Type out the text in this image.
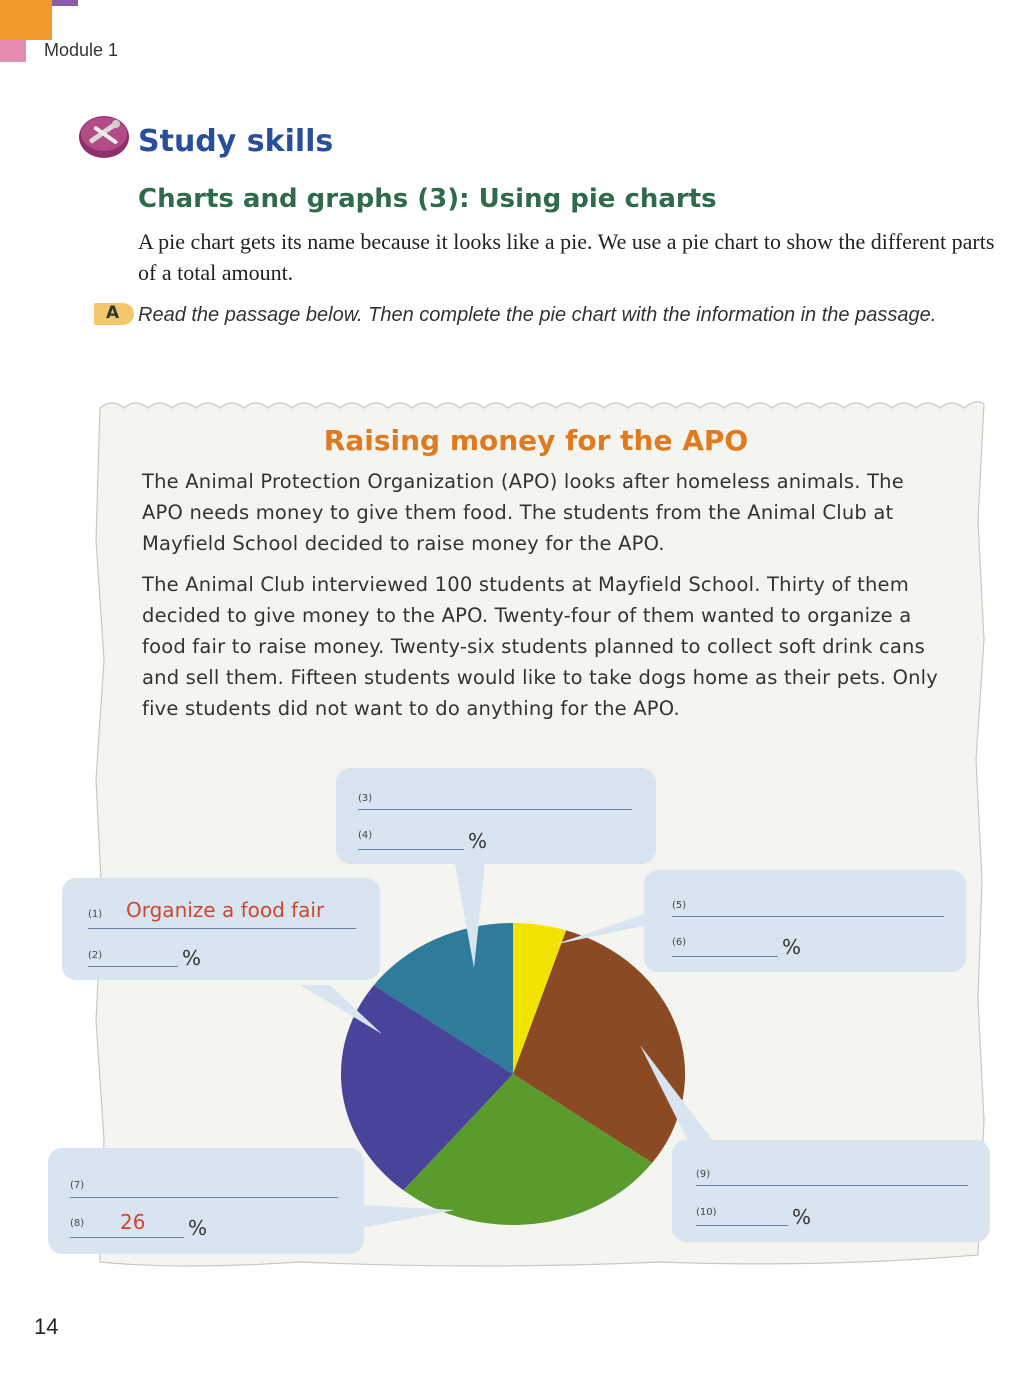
Module 1
Study skills
Charts and graphs (3): Using pie charts
A pie chart gets its name because it looks like a pie. We use a pie chart to show the different parts of a total amount.
A Read the passage below. Then complete the pie chart with the information in the passage.
Raising money for the APO
The Animal Protection Organization (APO) looks after homeless animals. The APO needs money to give them food. The students from the Animal Club at Mayfield School decided to raise money for the APO.
The Animal Club interviewed 100 students at Mayfield School. Thirty of them decided to give money to the APO. Twenty-four of them wanted to organize a food fair to raise money. Twenty-six students planned to collect soft drink cans and sell them. Fifteen students would like to take dogs home as their pets. Only five students did not want to do anything for the APO.
(1) Organize a food fair
(2)	%
(3)
(4)	%
(5)
(6)	%
(7)
(8) 26 %
(9)
(10)	%
14
